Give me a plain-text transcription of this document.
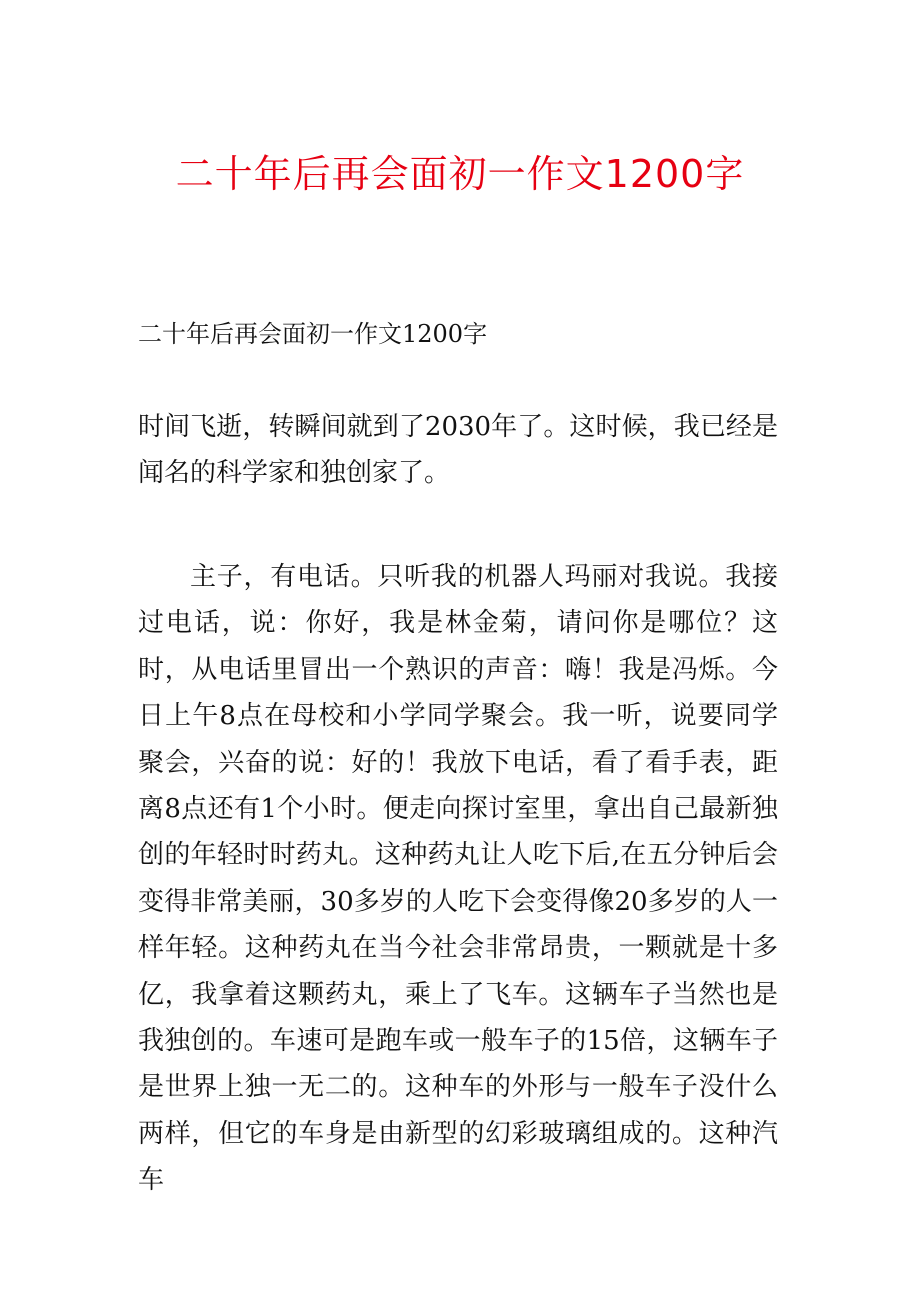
二十年后再会面初一作文1200字
二十年后再会面初一作文1200字

时间飞逝，转瞬间就到了2030年了。这时候，我已经是闻名的科学家和独创家了。

主子，有电话。只听我的机器人玛丽对我说。我接过电话，说：你好，我是林金菊，请问你是哪位？这时，从电话里冒出一个熟识的声音：嗨！我是冯烁。今日上午8点在母校和小学同学聚会。我一听，说要同学聚会，兴奋的说：好的！我放下电话，看了看手表，距离8点还有1个小时。便走向探讨室里，拿出自己最新独创的年轻时时药丸。这种药丸让人吃下后,在五分钟后会变得非常美丽，30多岁的人吃下会变得像20多岁的人一样年轻。这种药丸在当今社会非常昂贵，一颗就是十多亿，我拿着这颗药丸，乘上了飞车。这辆车子当然也是我独创的。车速可是跑车或一般车子的15倍，这辆车子是世界上独一无二的。这种车的外形与一般车子没什么两样，但它的车身是由新型的幻彩玻璃组成的。这种汽车
